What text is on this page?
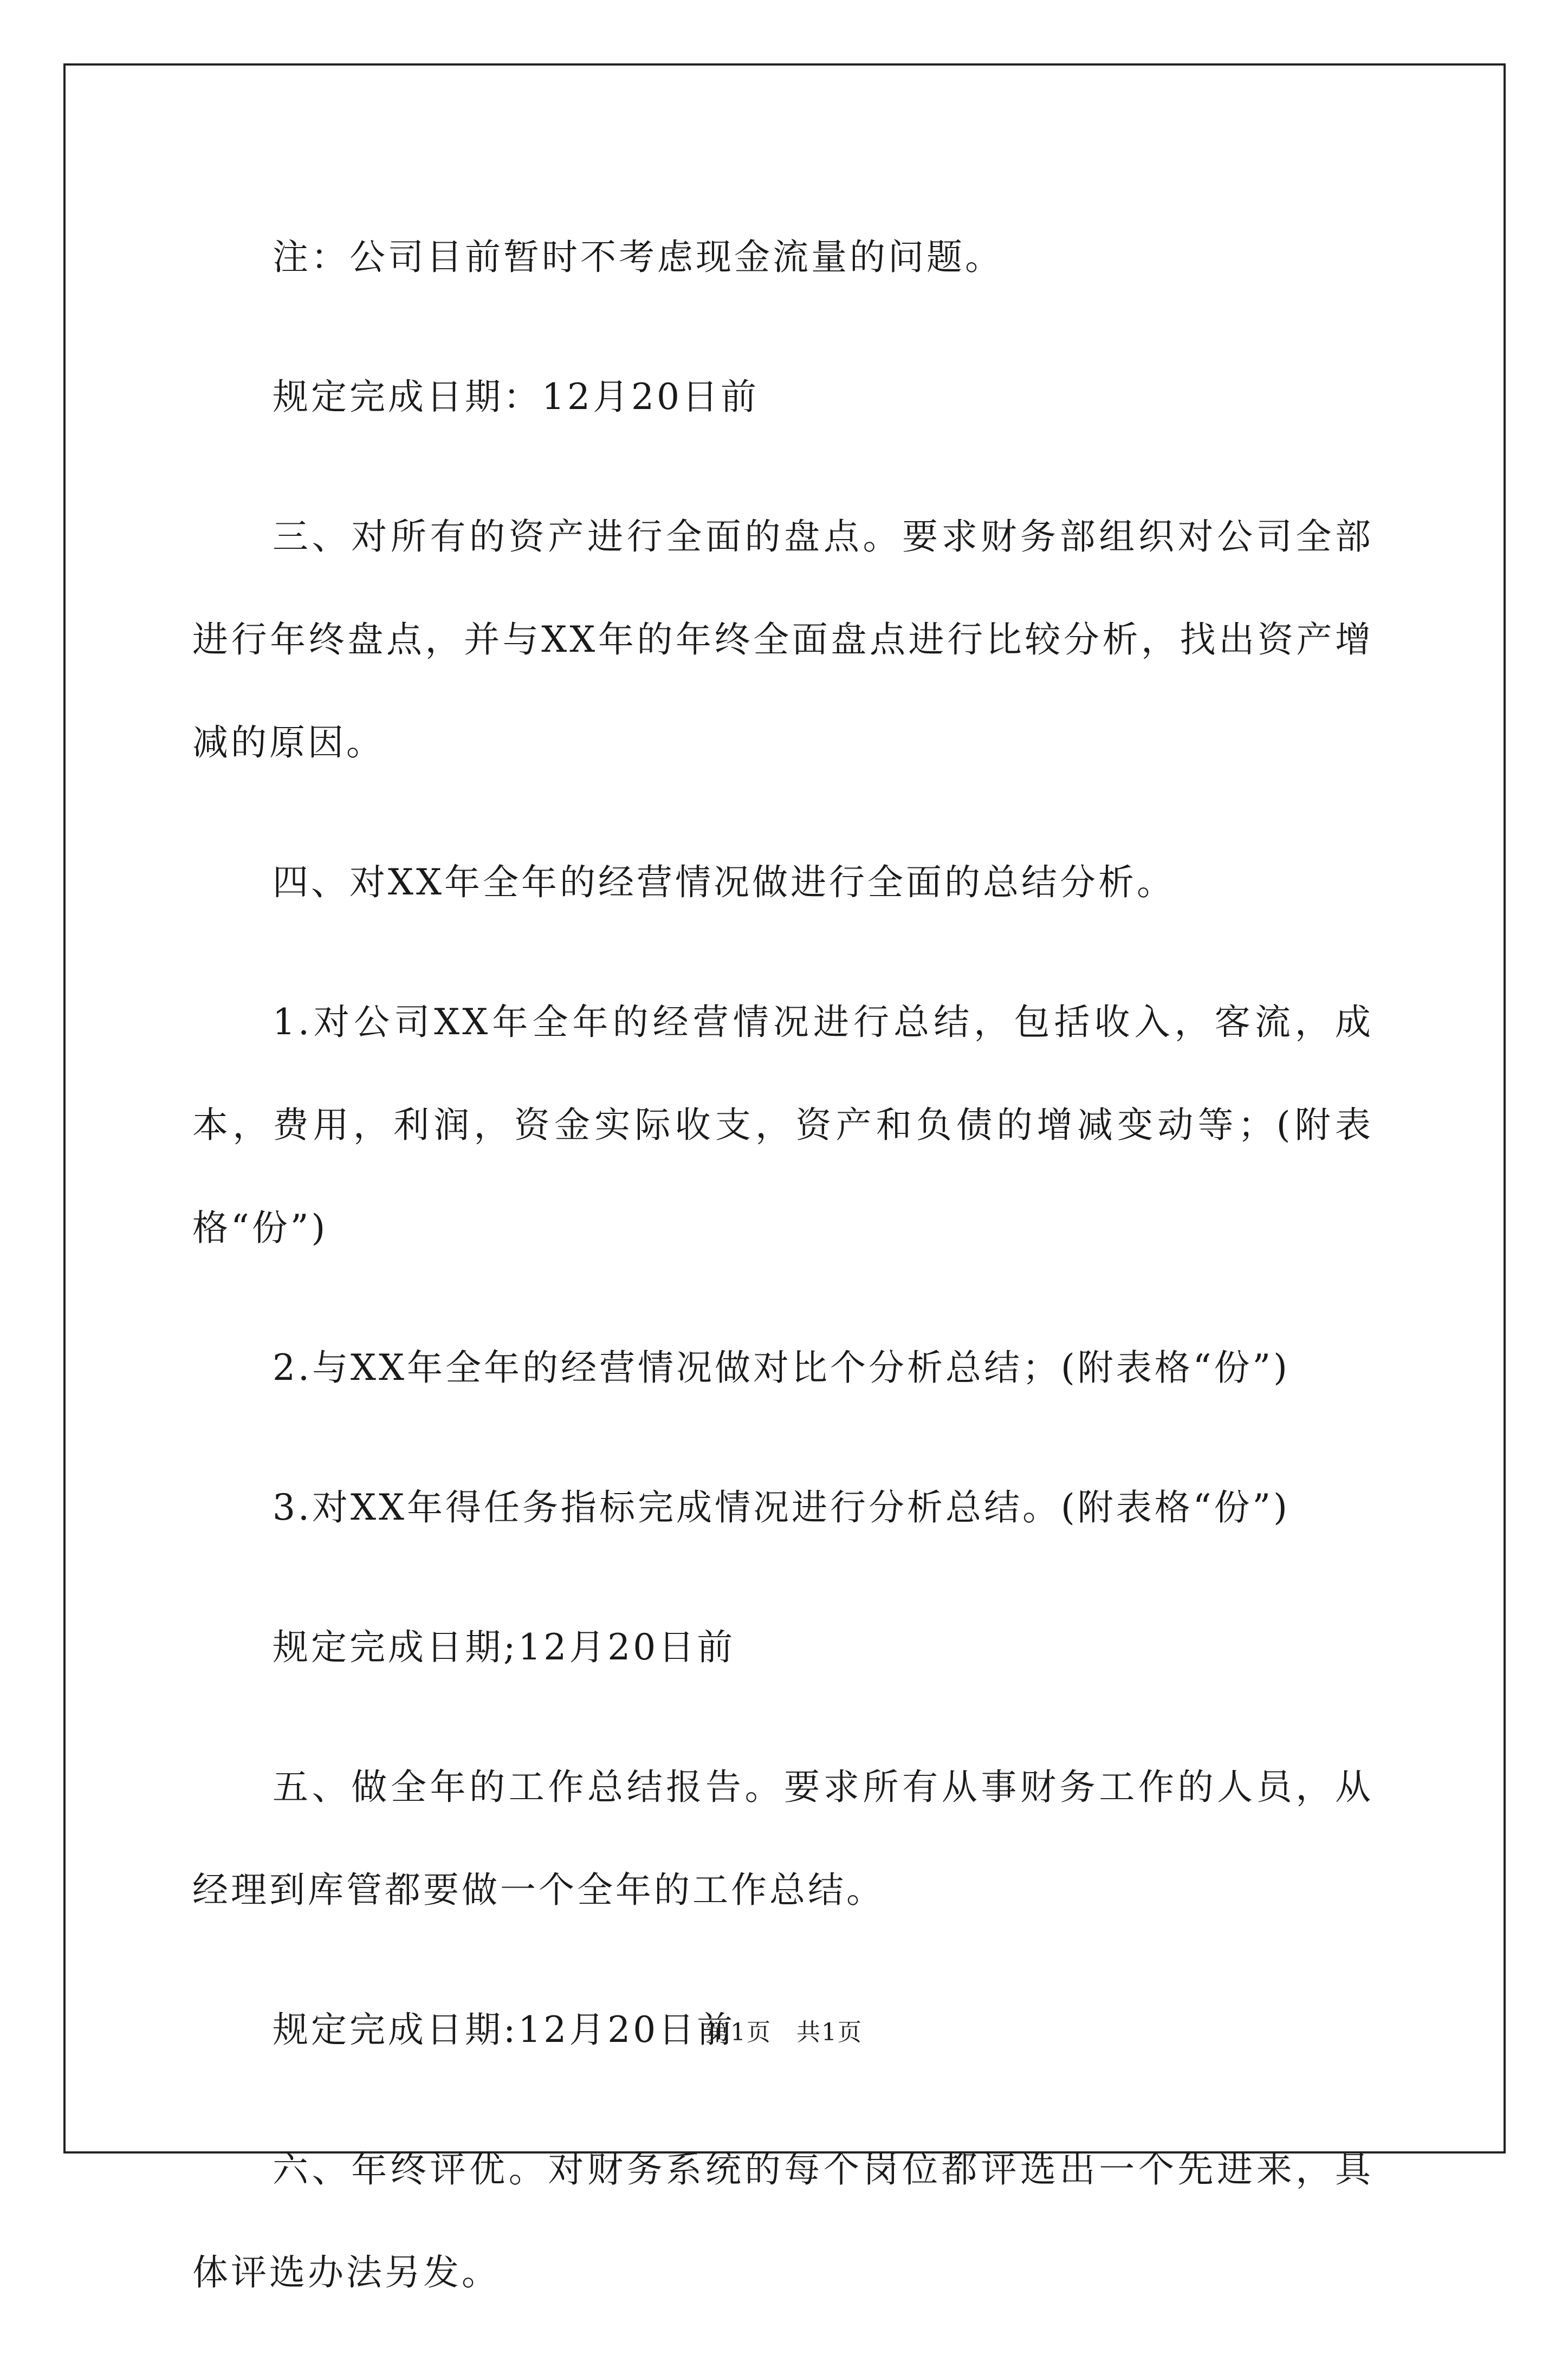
注：公司目前暂时不考虑现金流量的问题。

规定完成日期：12月20日前

三、对所有的资产进行全面的盘点。要求财务部组织对公司全部进行年终盘点，并与XX年的年终全面盘点进行比较分析，找出资产增减的原因。

四、对XX年全年的经营情况做进行全面的总结分析。

1.对公司XX年全年的经营情况进行总结，包括收入，客流，成本，费用，利润，资金实际收支，资产和负债的增减变动等；(附表格“份”)

2.与XX年全年的经营情况做对比个分析总结；(附表格“份”)

3.对XX年得任务指标完成情况进行分析总结。(附表格“份”)

规定完成日期;12月20日前

五、做全年的工作总结报告。要求所有从事财务工作的人员，从经理到库管都要做一个全年的工作总结。

规定完成日期:12月20日前

六、年终评优。对财务系统的每个岗位都评选出一个先进来，具体评选办法另发。

第1页　共1页
